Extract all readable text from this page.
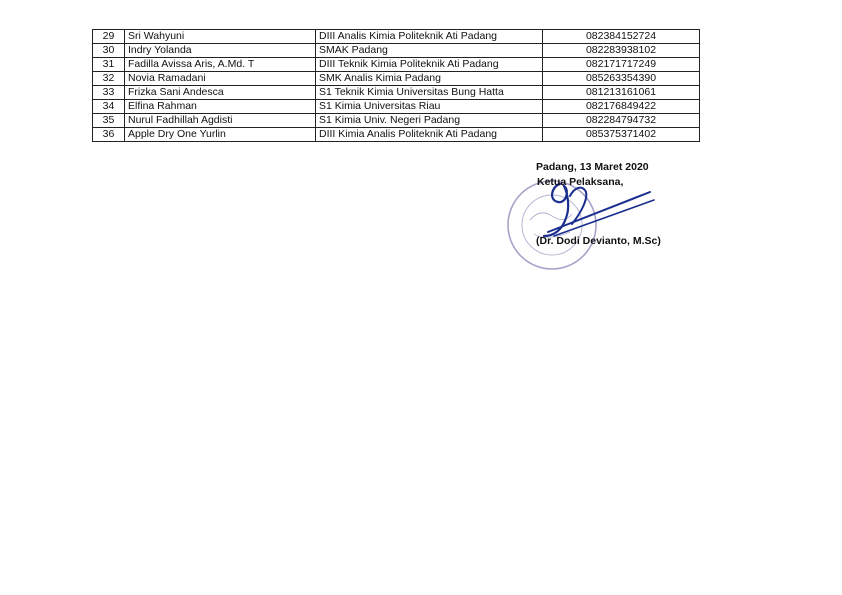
29	Sri Wahyuni	DIII Analis Kimia Politeknik Ati Padang	082384152724
30	Indry Yolanda	SMAK Padang	082283938102
31	Fadilla Avissa Aris, A.Md. T	DIII Teknik Kimia Politeknik Ati Padang	082171717249
32	Novia Ramadani	SMK Analis Kimia Padang	085263354390
33	Frizka Sani Andesca	S1 Teknik Kimia Universitas Bung Hatta	081213161061
34	Elfina Rahman	S1 Kimia Universitas Riau	082176849422
35	Nurul Fadhillah Agdisti	S1 Kimia Univ. Negeri Padang	082284794732
36	Apple Dry One Yurlin	DIII Kimia Analis Politeknik Ati Padang	085375371402
Padang, 13 Maret 2020
Ketua Pelaksana,
(Dr. Dodi Devianto, M.Sc)
